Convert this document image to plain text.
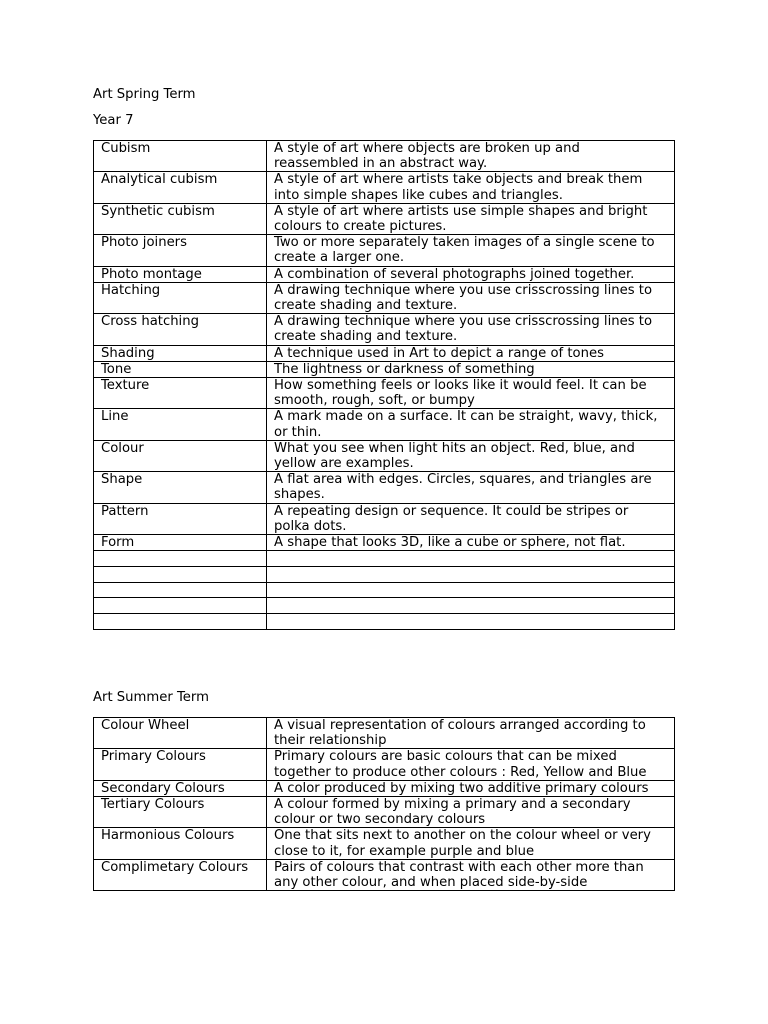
Art Spring Term

Year 7

Cubism	A style of art where objects are broken up and reassembled in an abstract way.
Analytical cubism	A style of art where artists take objects and break them into simple shapes like cubes and triangles.
Synthetic cubism	A style of art where artists use simple shapes and bright colours to create pictures.
Photo joiners	Two or more separately taken images of a single scene to create a larger one.
Photo montage	A combination of several photographs joined together.
Hatching	A drawing technique where you use crisscrossing lines to create shading and texture.
Cross hatching	A drawing technique where you use crisscrossing lines to create shading and texture.
Shading	A technique used in Art to depict a range of tones
Tone	The lightness or darkness of something
Texture	How something feels or looks like it would feel. It can be smooth, rough, soft, or bumpy
Line	A mark made on a surface. It can be straight, wavy, thick, or thin.
Colour	What you see when light hits an object. Red, blue, and yellow are examples.
Shape	A flat area with edges. Circles, squares, and triangles are shapes.
Pattern	A repeating design or sequence. It could be stripes or polka dots.
Form	A shape that looks 3D, like a cube or sphere, not flat.

Art Summer Term

Colour Wheel	A visual representation of colours arranged according to their relationship
Primary Colours	Primary colours are basic colours that can be mixed together to produce other colours : Red, Yellow and Blue
Secondary Colours	A color produced by mixing two additive primary colours
Tertiary Colours	A colour formed by mixing a primary and a secondary colour or two secondary colours
Harmonious Colours	One that sits next to another on the colour wheel or very close to it, for example purple and blue
Complimetary Colours	Pairs of colours that contrast with each other more than any other colour, and when placed side-by-side
